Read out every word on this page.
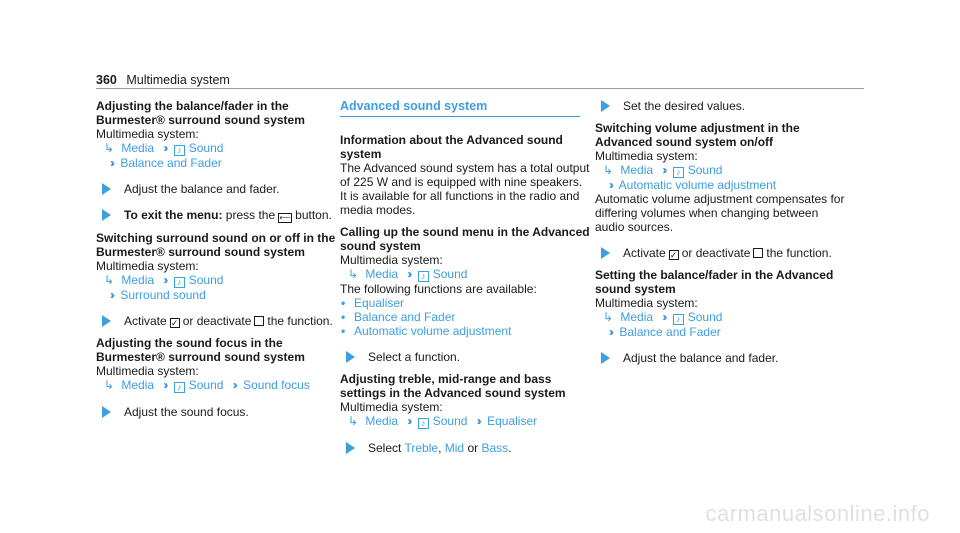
360 Multimedia system

Adjusting the balance/fader in the Burmester® surround sound system

Multimedia system:

↳ Media ›› ♪ Sound

›› Balance and Fader

Adjust the balance and fader.

To exit the menu: press the ⟵ button.

Switching surround sound on or off in the Burmester® surround sound system

Multimedia system:

↳ Media ›› ♪ Sound

›› Surround sound

Activate ✓ or deactivate the function.

Adjusting the sound focus in the Burmester® surround sound system

Multimedia system:

↳ Media ›› ♪ Sound ›› Sound focus

Adjust the sound focus.

Advanced sound system

Information about the Advanced sound system

The Advanced sound system has a total output of 225 W and is equipped with nine speakers. It is available for all functions in the radio and media modes.

Calling up the sound menu in the Advanced sound system

Multimedia system:

↳ Media ›› ♪ Sound

The following functions are available:

• Equaliser

• Balance and Fader

• Automatic volume adjustment

Select a function.

Adjusting treble, mid-range and bass settings in the Advanced sound system

Multimedia system:

↳ Media ›› ♪ Sound ›› Equaliser

Select Treble, Mid or Bass.

Set the desired values.

Switching volume adjustment in the Advanced sound system on/off

Multimedia system:

↳ Media ›› ♪ Sound

›› Automatic volume adjustment

Automatic volume adjustment compensates for differing volumes when changing between audio sources.

Activate ✓ or deactivate the function.

Setting the balance/fader in the Advanced sound system

Multimedia system:

↳ Media ›› ♪ Sound

›› Balance and Fader

Adjust the balance and fader.

carmanualsonline.info
